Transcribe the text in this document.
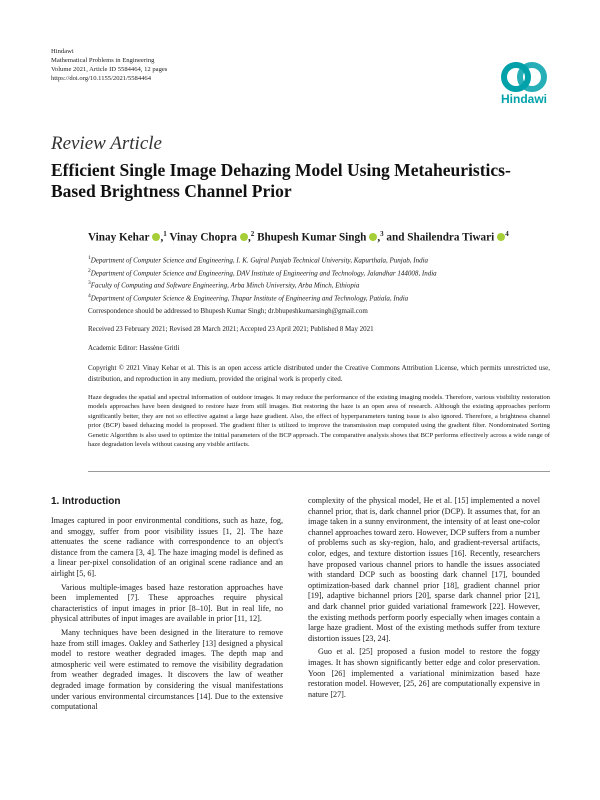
Hindawi
Mathematical Problems in Engineering
Volume 2021, Article ID 5584464, 12 pages
https://doi.org/10.1155/2021/5584464
Hindawi
Review Article
Efficient Single Image Dehazing Model Using Metaheuristics-Based Brightness Channel Prior
Vinay Kehar ,$^1$ Vinay Chopra ,$^2$ Bhupesh Kumar Singh ,$^3$ and Shailendra Tiwari $^4$
$^1$Department of Computer Science and Engineering, I. K. Gujral Punjab Technical University, Kapurthala, Punjab, India
$^2$Department of Computer Science and Engineering, DAV Institute of Engineering and Technology, Jalandhar 144008, India
$^3$Faculty of Computing and Software Engineering, Arba Minch University, Arba Minch, Ethiopia
$^4$Department of Computer Science & Engineering, Thapar Institute of Engineering and Technology, Patiala, India
Correspondence should be addressed to Bhupesh Kumar Singh; dr.bhupeshkumarsingh@gmail.com
Received 23 February 2021; Revised 28 March 2021; Accepted 23 April 2021; Published 8 May 2021
Academic Editor: Hassène Gritli
Copyright © 2021 Vinay Kehar et al. This is an open access article distributed under the Creative Commons Attribution License, which permits unrestricted use, distribution, and reproduction in any medium, provided the original work is properly cited.
Haze degrades the spatial and spectral information of outdoor images. It may reduce the performance of the existing imaging models. Therefore, various visibility restoration models approaches have been designed to restore haze from still images. But restoring the haze is an open area of research. Although the existing approaches perform significantly better, they are not so effective against a large haze gradient. Also, the effect of hyperparameters tuning issue is also ignored. Therefore, a brightness channel prior (BCP) based dehazing model is proposed. The gradient filter is utilized to improve the transmission map computed using the gradient filter. Nondominated Sorting Genetic Algorithm is also used to optimize the initial parameters of the BCP approach. The comparative analysis shows that BCP performs effectively across a wide range of haze degradation levels without causing any visible artifacts.
1. Introduction

Images captured in poor environmental conditions, such as haze, fog, and smoggy, suffer from poor visibility issues [1, 2]. The haze attenuates the scene radiance with correspondence to an object's distance from the camera [3, 4]. The haze imaging model is defined as a linear per-pixel consolidation of an original scene radiance and an airlight [5, 6].

Various multiple-images based haze restoration approaches have been implemented [7]. These approaches require physical characteristics of input images in prior [8–10]. But in real life, no physical attributes of input images are available in prior [11, 12].

Many techniques have been designed in the literature to remove haze from still images. Oakley and Satherley [13] designed a physical model to restore weather degraded images. The depth map and atmospheric veil were estimated to remove the visibility degradation from weather degraded images. It discovers the law of weather degraded image formation by considering the visual manifestations under various environmental circumstances [14]. Due to the extensive computational

complexity of the physical model, He et al. [15] implemented a novel channel prior, that is, dark channel prior (DCP). It assumes that, for an image taken in a sunny environment, the intensity of at least one-color channel approaches toward zero. However, DCP suffers from a number of problems such as sky-region, halo, and gradient-reversal artifacts, color, edges, and texture distortion issues [16]. Recently, researchers have proposed various channel priors to handle the issues associated with standard DCP such as boosting dark channel [17], bounded optimization-based dark channel prior [18], gradient channel prior [19], adaptive bichannel priors [20], sparse dark channel prior [21], and dark channel prior guided variational framework [22]. However, the existing methods perform poorly especially when images contain a large haze gradient. Most of the existing methods suffer from texture distortion issues [23, 24].

Guo et al. [25] proposed a fusion model to restore the foggy images. It has shown significantly better edge and color preservation. Yoon [26] implemented a variational minimization based haze restoration model. However, [25, 26] are computationally expensive in nature [27].
